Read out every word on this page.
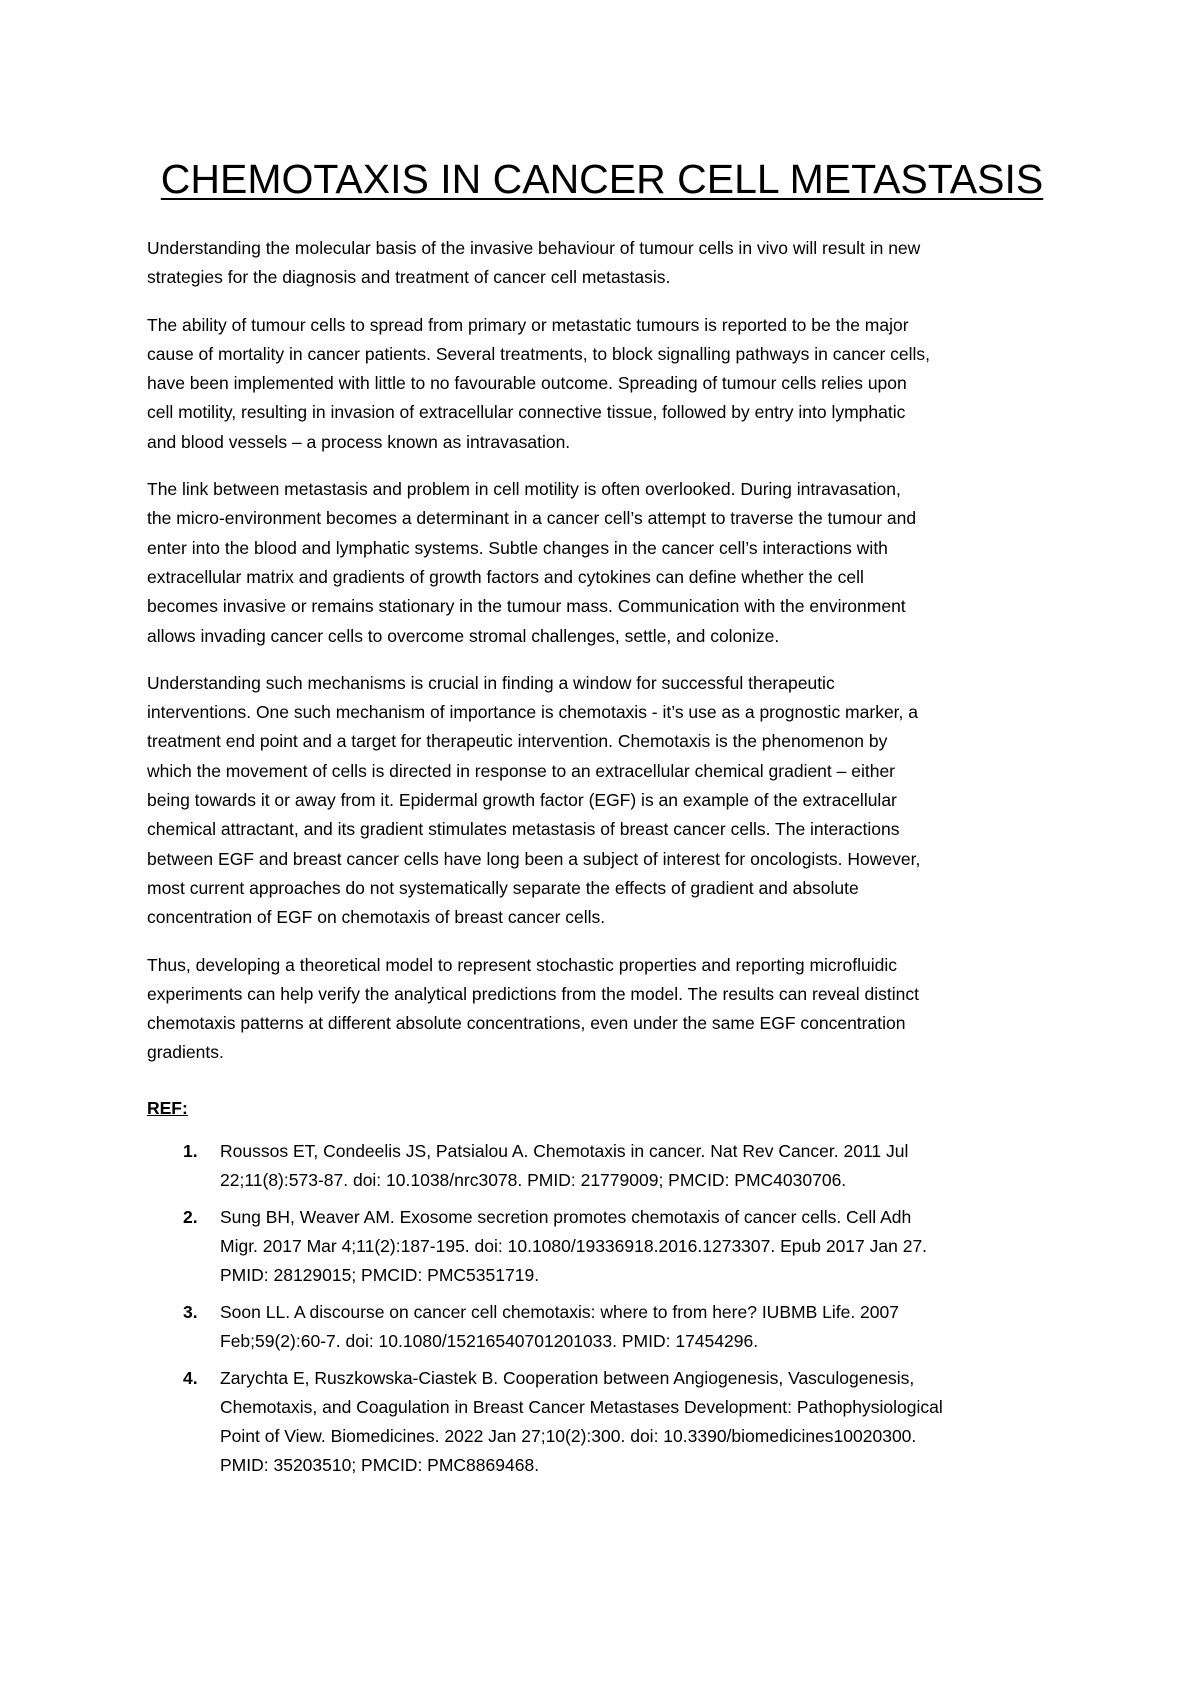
CHEMOTAXIS IN CANCER CELL METASTASIS

Understanding the molecular basis of the invasive behaviour of tumour cells in vivo will result in new
strategies for the diagnosis and treatment of cancer cell metastasis.

The ability of tumour cells to spread from primary or metastatic tumours is reported to be the major
cause of mortality in cancer patients. Several treatments, to block signalling pathways in cancer cells,
have been implemented with little to no favourable outcome. Spreading of tumour cells relies upon
cell motility, resulting in invasion of extracellular connective tissue, followed by entry into lymphatic
and blood vessels – a process known as intravasation.

The link between metastasis and problem in cell motility is often overlooked. During intravasation,
the micro-environment becomes a determinant in a cancer cell’s attempt to traverse the tumour and
enter into the blood and lymphatic systems. Subtle changes in the cancer cell’s interactions with
extracellular matrix and gradients of growth factors and cytokines can define whether the cell
becomes invasive or remains stationary in the tumour mass. Communication with the environment
allows invading cancer cells to overcome stromal challenges, settle, and colonize.

Understanding such mechanisms is crucial in finding a window for successful therapeutic
interventions. One such mechanism of importance is chemotaxis - it’s use as a prognostic marker, a
treatment end point and a target for therapeutic intervention. Chemotaxis is the phenomenon by
which the movement of cells is directed in response to an extracellular chemical gradient – either
being towards it or away from it. Epidermal growth factor (EGF) is an example of the extracellular
chemical attractant, and its gradient stimulates metastasis of breast cancer cells. The interactions
between EGF and breast cancer cells have long been a subject of interest for oncologists. However,
most current approaches do not systematically separate the effects of gradient and absolute
concentration of EGF on chemotaxis of breast cancer cells.

Thus, developing a theoretical model to represent stochastic properties and reporting microfluidic
experiments can help verify the analytical predictions from the model. The results can reveal distinct
chemotaxis patterns at different absolute concentrations, even under the same EGF concentration
gradients.

REF:
1. Roussos ET, Condeelis JS, Patsialou A. Chemotaxis in cancer. Nat Rev Cancer. 2011 Jul
22;11(8):573-87. doi: 10.1038/nrc3078. PMID: 21779009; PMCID: PMC4030706.
2. Sung BH, Weaver AM. Exosome secretion promotes chemotaxis of cancer cells. Cell Adh
Migr. 2017 Mar 4;11(2):187-195. doi: 10.1080/19336918.2016.1273307. Epub 2017 Jan 27.
PMID: 28129015; PMCID: PMC5351719.
3. Soon LL. A discourse on cancer cell chemotaxis: where to from here? IUBMB Life. 2007
Feb;59(2):60-7. doi: 10.1080/15216540701201033. PMID: 17454296.
4. Zarychta E, Ruszkowska-Ciastek B. Cooperation between Angiogenesis, Vasculogenesis,
Chemotaxis, and Coagulation in Breast Cancer Metastases Development: Pathophysiological
Point of View. Biomedicines. 2022 Jan 27;10(2):300. doi: 10.3390/biomedicines10020300.
PMID: 35203510; PMCID: PMC8869468.
